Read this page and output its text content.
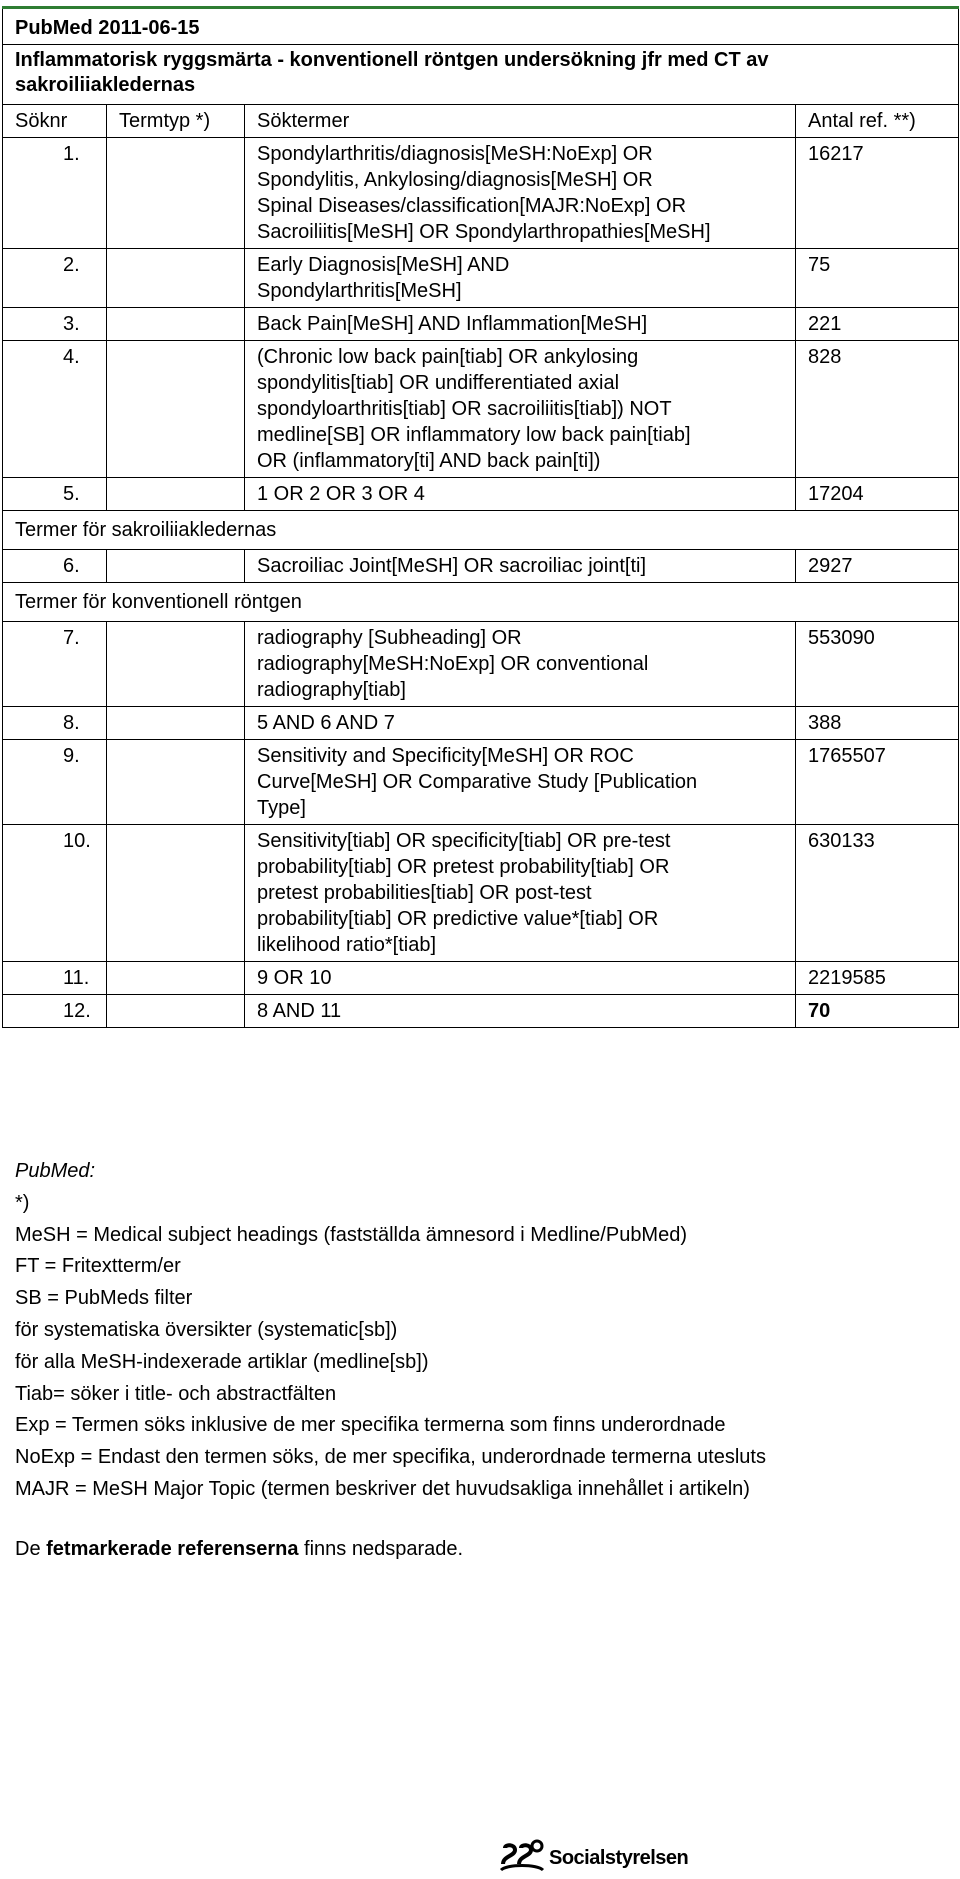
PubMed 2011-06-15			
Inflammatorisk ryggsmärta - konventionell röntgen undersökning jfr med CT av sakroiliiakledernas			
Söknr	Termtyp *)	Söktermer	Antal ref. **)
1.		Spondylarthritis/diagnosis[MeSH:NoExp] OR
Spondylitis, Ankylosing/diagnosis[MeSH] OR
Spinal Diseases/classification[MAJR:NoExp] OR
Sacroiliitis[MeSH] OR Spondylarthropathies[MeSH]	16217
2.		Early Diagnosis[MeSH] AND
Spondylarthritis[MeSH]	75
3.		Back Pain[MeSH] AND Inflammation[MeSH]	221
4.		(Chronic low back pain[tiab] OR ankylosing
spondylitis[tiab] OR undifferentiated axial
spondyloarthritis[tiab] OR sacroiliitis[tiab]) NOT
medline[SB] OR inflammatory low back pain[tiab]
OR (inflammatory[ti] AND back pain[ti])	828
5.		1 OR 2 OR 3 OR 4	17204
Termer för sakroiliiakledernas			
6.		Sacroiliac Joint[MeSH] OR sacroiliac joint[ti]	2927
Termer för konventionell röntgen			
7.		radiography [Subheading] OR
radiography[MeSH:NoExp] OR conventional
radiography[tiab]	553090
8.		5 AND 6 AND 7	388
9.		Sensitivity and Specificity[MeSH] OR ROC
Curve[MeSH] OR Comparative Study [Publication
Type]	1765507
10.		Sensitivity[tiab] OR specificity[tiab] OR pre-test
probability[tiab] OR pretest probability[tiab] OR
pretest probabilities[tiab] OR post-test
probability[tiab] OR predictive value*[tiab] OR
likelihood ratio*[tiab]	630133
11.		9 OR 10	2219585
12.		8 AND 11	70
PubMed:
*)
MeSH = Medical subject headings (fastställda ämnesord i Medline/PubMed)
FT = Fritextterm/er
SB = PubMeds filter
för systematiska översikter (systematic[sb])
för alla MeSH-indexerade artiklar (medline[sb])
Tiab= söker i title- och abstractfälten
Exp = Termen söks inklusive de mer specifika termerna som finns underordnade
NoExp = Endast den termen söks, de mer specifika, underordnade termerna utesluts
MAJR = MeSH Major Topic (termen beskriver det huvudsakliga innehållet i artikeln)
De fetmarkerade referenserna finns nedsparade.
Socialstyrelsen
